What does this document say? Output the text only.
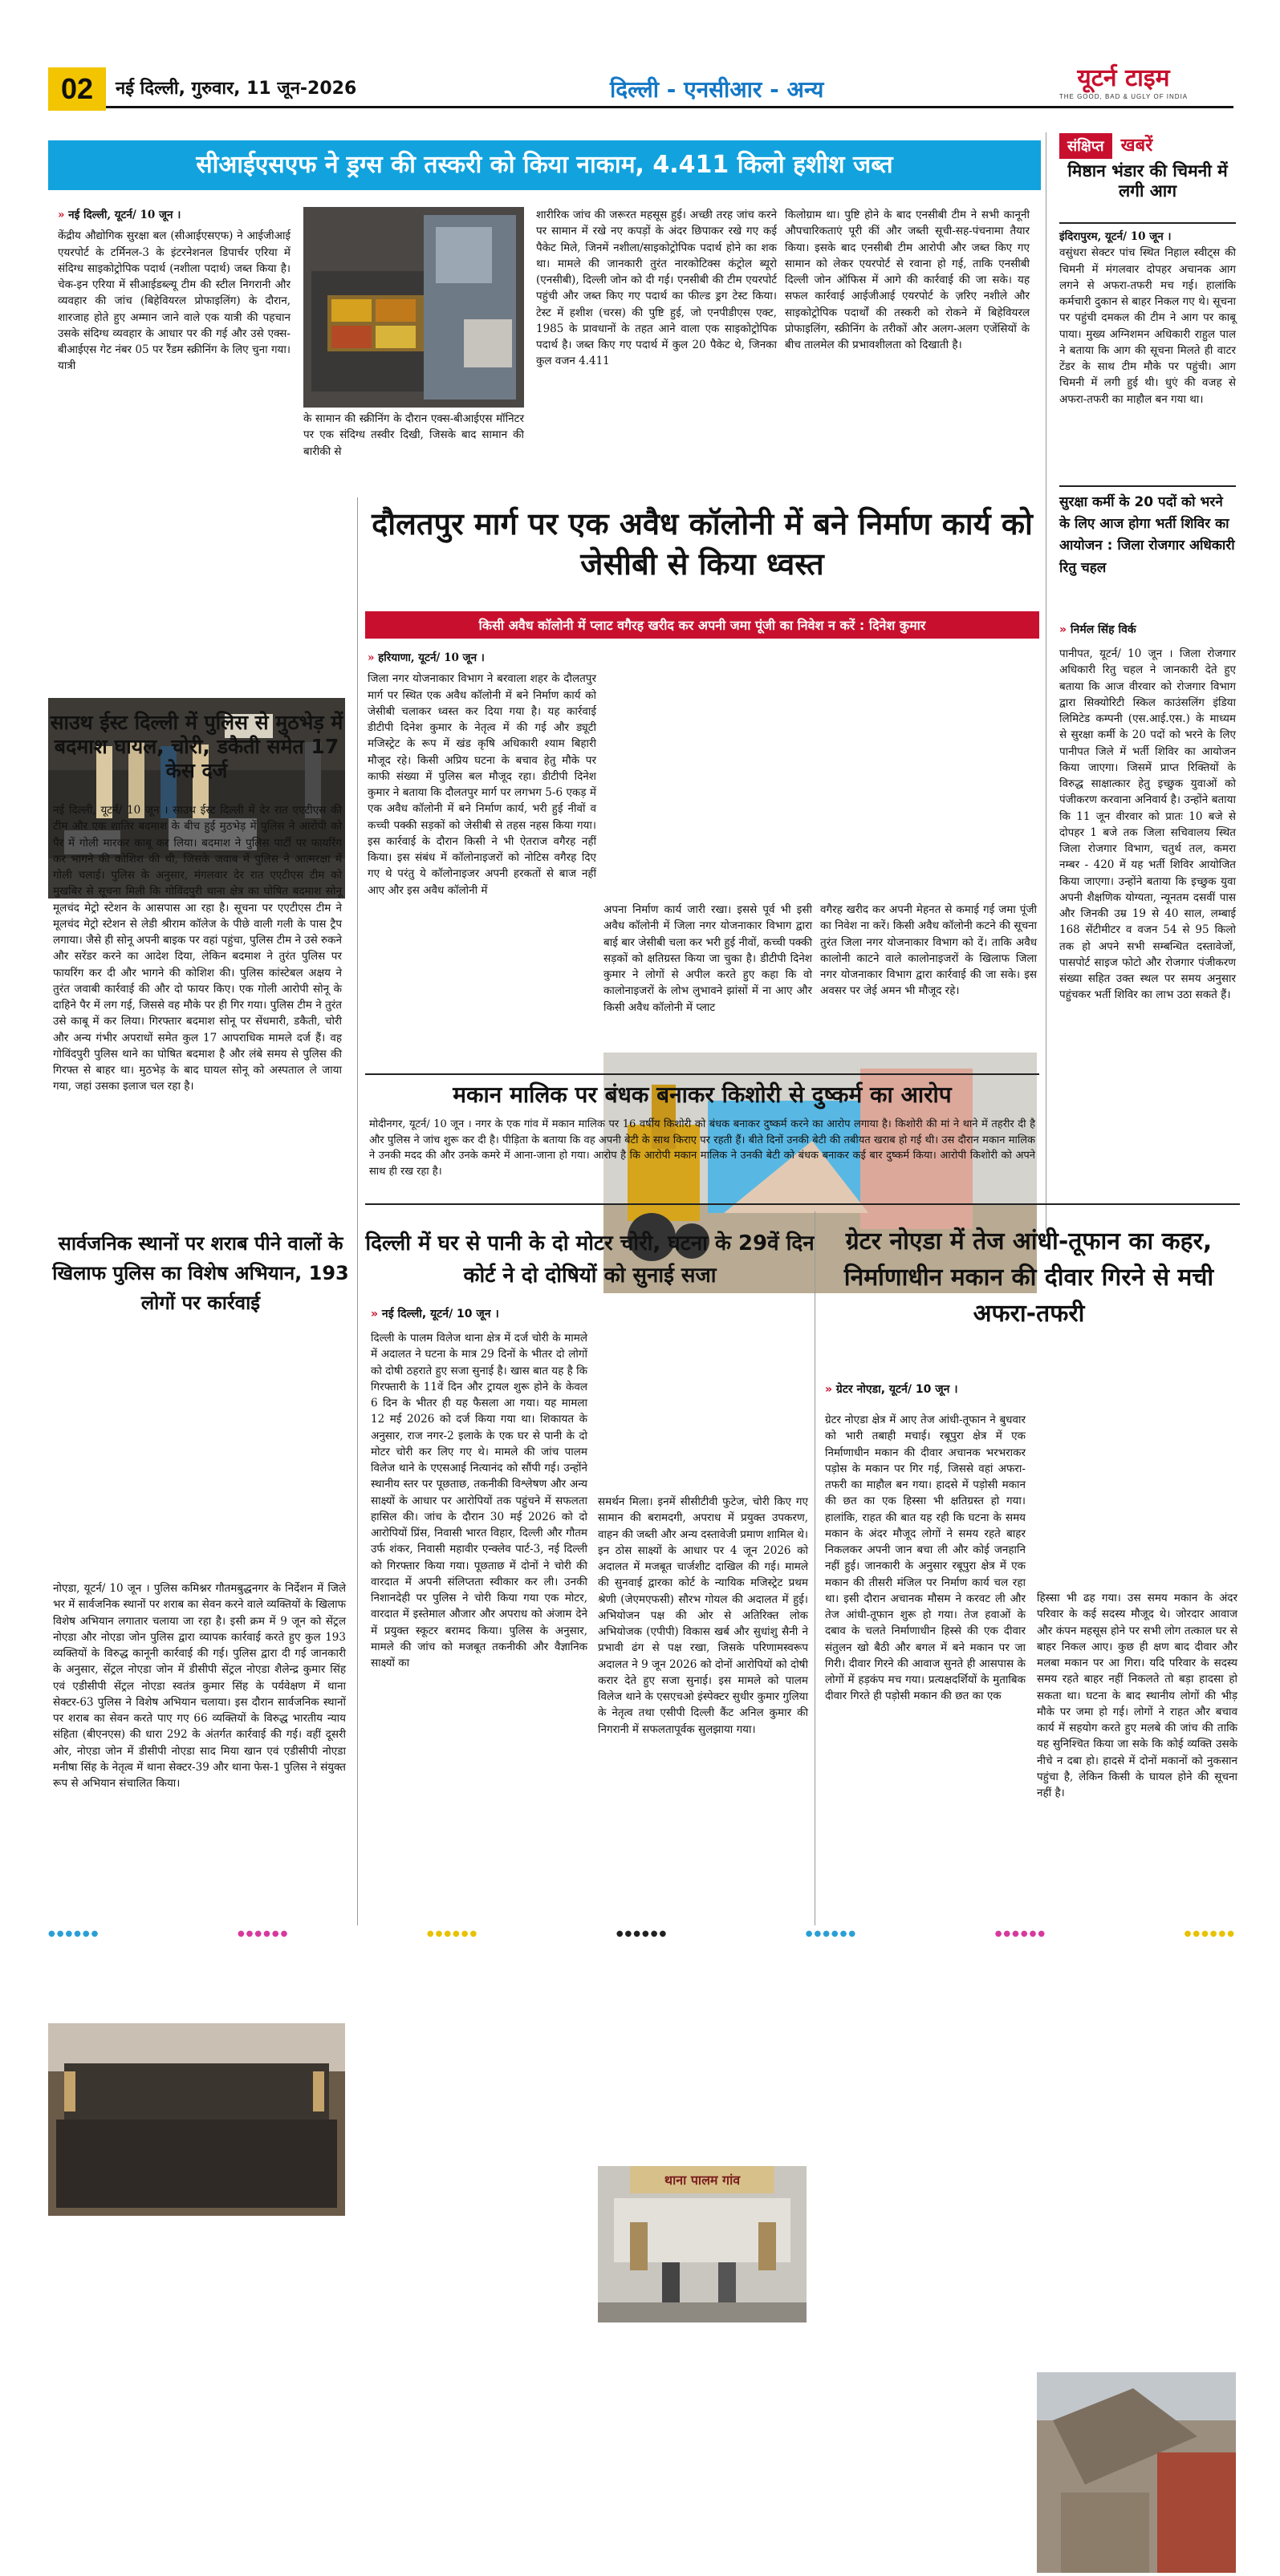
02 नई दिल्ली, गुरुवार, 11 जून-2026	दिल्ली - एनसीआर - अन्य	यूटर्न टाइम
THE GOOD, BAD & UGLY OF INDIA
सीआईएसएफ ने ड्रग्स की तस्करी को किया नाकाम, 4.411 किलो हशीश जब्त
» नई दिल्ली, यूटर्न/ 10 जून ।
केंद्रीय औद्योगिक सुरक्षा बल (सीआईएसएफ) ने आईजीआई एयरपोर्ट के टर्मिनल-3 के इंटरनेशनल डिपार्चर एरिया में संदिग्ध साइकोट्रोपिक पदार्थ (नशीला पदार्थ) जब्त किया है। चेक-इन एरिया में सीआईडब्ल्यू टीम की स्टील निगरानी और व्यवहार की जांच (बिहेवियरल प्रोफाइलिंग) के दौरान, शारजाह होते हुए अम्मान जाने वाले एक यात्री की पहचान उसके संदिग्ध व्यवहार के आधार पर की गई और उसे एक्स-बीआईएस गेट नंबर 05 पर रैंडम स्क्रीनिंग के लिए चुना गया। यात्री
के सामान की स्क्रीनिंग के दौरान एक्स-बीआईएस मॉनिटर पर एक संदिग्ध तस्वीर दिखी, जिसके बाद सामान की बारीकी से
शारीरिक जांच की जरूरत महसूस हुई। अच्छी तरह जांच करने पर सामान में रखे नए कपड़ों के अंदर छिपाकर रखे गए कई पैकेट मिले, जिनमें नशीला/साइकोट्रोपिक पदार्थ होने का शक था। मामले की जानकारी तुरंत नारकोटिक्स कंट्रोल ब्यूरो (एनसीबी), दिल्ली जोन को दी गई। एनसीबी की टीम एयरपोर्ट पहुंची और जब्त किए गए पदार्थ का फील्ड ड्रग टेस्ट किया। टेस्ट में हशीश (चरस) की पुष्टि हुई, जो एनपीडीएस एक्ट, 1985 के प्रावधानों के तहत आने वाला एक साइकोट्रोपिक पदार्थ है। जब्त किए गए पदार्थ में कुल 20 पैकेट थे, जिनका कुल वजन 4.411
किलोग्राम था। पुष्टि होने के बाद एनसीबी टीम ने सभी कानूनी औपचारिकताएं पूरी कीं और जब्ती सूची-सह-पंचनामा तैयार किया। इसके बाद एनसीबी टीम आरोपी और जब्त किए गए सामान को लेकर एयरपोर्ट से रवाना हो गई, ताकि एनसीबी दिल्ली जोन ऑफिस में आगे की कार्रवाई की जा सके। यह सफल कार्रवाई आईजीआई एयरपोर्ट के ज़रिए नशीले और साइकोट्रोपिक पदार्थों की तस्करी को रोकने में बिहेवियरल प्रोफाइलिंग, स्क्रीनिंग के तरीकों और अलग-अलग एजेंसियों के बीच तालमेल की प्रभावशीलता को दिखाती है।
संक्षिप्त खबरें
मिष्ठान भंडार की चिमनी में लगी आग
इंदिरापुरम, यूटर्न/ 10 जून ।
वसुंधरा सेक्टर पांच स्थित निहाल स्वीट्स की चिमनी में मंगलवार दोपहर अचानक आग लगने से अफरा-तफरी मच गई। हालांकि कर्मचारी दुकान से बाहर निकल गए थे। सूचना पर पहुंची दमकल की टीम ने आग पर काबू पाया। मुख्य अग्निशमन अधिकारी राहुल पाल ने बताया कि आग की सूचना मिलते ही वाटर टेंडर के साथ टीम मौके पर पहुंची। आग चिमनी में लगी हुई थी। धुएं की वजह से अफरा-तफरी का माहौल बन गया था।
सुरक्षा कर्मी के 20 पदों को भरने के लिए आज होगा भर्ती शिविर का आयोजन : जिला रोजगार अधिकारी रितु चहल
» निर्मल सिंह विर्क
पानीपत, यूटर्न/ 10 जून । जिला रोजगार अधिकारी रितु चहल ने जानकारी देते हुए बताया कि आज वीरवार को रोजगार विभाग द्वारा सिक्योरिटी स्किल काउंसलिंग इंडिया लिमिटेड कम्पनी (एस.आई.एस.) के माध्यम से सुरक्षा कर्मी के 20 पदों को भरने के लिए पानीपत जिले में भर्ती शिविर का आयोजन किया जाएगा। जिसमें प्राप्त रिक्तियों के विरुद्ध साक्षात्कार हेतु इच्छुक युवाओं को पंजीकरण करवाना अनिवार्य है। उन्होंने बताया कि 11 जून वीरवार को प्रातः 10 बजे से दोपहर 1 बजे तक जिला सचिवालय स्थित जिला रोजगार विभाग, चतुर्थ तल, कमरा नम्बर - 420 में यह भर्ती शिविर आयोजित किया जाएगा। उन्होंने बताया कि इच्छुक युवा अपनी शैक्षणिक योग्यता, न्यूनतम दसवीं पास और जिनकी उम्र 19 से 40 साल, लम्बाई 168 सेंटीमीटर व वजन 54 से 95 किलो तक हो अपने सभी सम्बन्धित दस्तावेजों, पासपोर्ट साइज फोटो और रोजगार पंजीकरण संख्या सहित उक्त स्थल पर समय अनुसार पहुंचकर भर्ती शिविर का लाभ उठा सकते हैं।
साउथ ईस्ट दिल्ली में पुलिस से मुठभेड़ में बदमाश घायल, चोरी, डकैती समेत 17 केस दर्ज
नई दिल्ली, यूटर्न/ 10 जून । साउथ ईस्ट दिल्ली में देर रात एएटीएस की टीम और एक शातिर बदमाश के बीच हुई मुठभेड़ में पुलिस ने आरोपी को पैर में गोली मारकर काबू कर लिया। बदमाश ने पुलिस पार्टी पर फायरिंग कर भागने की कोशिश की थी, जिसके जवाब में पुलिस ने आत्मरक्षा में गोली चलाई। पुलिस के अनुसार, मंगलवार देर रात एएटीएस टीम को मुखबिर से सूचना मिली कि गोविंदपुरी थाना क्षेत्र का घोषित बदमाश सोनू मूलचंद मेट्रो स्टेशन के आसपास आ रहा है। सूचना पर एएटीएस टीम ने मूलचंद मेट्रो स्टेशन से लेडी श्रीराम कॉलेज के पीछे वाली गली के पास ट्रैप लगाया। जैसे ही सोनू अपनी बाइक पर वहां पहुंचा, पुलिस टीम ने उसे रुकने और सरेंडर करने का आदेश दिया, लेकिन बदमाश ने तुरंत पुलिस पर फायरिंग कर दी और भागने की कोशिश की। पुलिस कांस्टेबल अक्षय ने तुरंत जवाबी कार्रवाई की और दो फायर किए। एक गोली आरोपी सोनू के दाहिने पैर में लग गई, जिससे वह मौके पर ही गिर गया। पुलिस टीम ने तुरंत उसे काबू में कर लिया। गिरफ्तार बदमाश सोनू पर सेंधमारी, डकैती, चोरी और अन्य गंभीर अपराधों समेत कुल 17 आपराधिक मामले दर्ज हैं। वह गोविंदपुरी पुलिस थाने का घोषित बदमाश है और लंबे समय से पुलिस की गिरफ्त से बाहर था। मुठभेड़ के बाद घायल सोनू को अस्पताल ले जाया गया, जहां उसका इलाज चल रहा है।
दौलतपुर मार्ग पर एक अवैध कॉलोनी में बने निर्माण कार्य को जेसीबी से किया ध्वस्त
किसी अवैध कॉलोनी में प्लाट वगैरह खरीद कर अपनी जमा पूंजी का निवेश न करें : दिनेश कुमार
» हरियाणा, यूटर्न/ 10 जून ।
जिला नगर योजनाकार विभाग ने बरवाला शहर के दौलतपुर मार्ग पर स्थित एक अवैध कॉलोनी में बने निर्माण कार्य को जेसीबी चलाकर ध्वस्त कर दिया गया है। यह कार्रवाई डीटीपी दिनेश कुमार के नेतृत्व में की गई और ड्यूटी मजिस्ट्रेट के रूप में खंड कृषि अधिकारी श्याम बिहारी मौजूद रहे। किसी अप्रिय घटना के बचाव हेतु मौके पर काफी संख्या में पुलिस बल मौजूद रहा। डीटीपी दिनेश कुमार ने बताया कि दौलतपुर मार्ग पर लगभग 5-6 एकड़ में एक अवैध कॉलोनी में बने निर्माण कार्य, भरी हुई नीवों व कच्ची पक्की सड़कों को जेसीबी से तहस नहस किया गया। इस कार्रवाई के दौरान किसी ने भी ऐतराज वगैरह नहीं किया। इस संबंध में कॉलोनाइजरों को नोटिस वगैरह दिए गए थे परंतु ये कॉलोनाइजर अपनी हरकतों से बाज नहीं आए और इस अवैध कॉलोनी में
अपना निर्माण कार्य जारी रखा। इससे पूर्व भी इसी अवैध कॉलोनी में जिला नगर योजनाकार विभाग द्वारा बाई बार जेसीबी चला कर भरी हुई नीवों, कच्ची पक्की सड़कों को क्षतिग्रस्त किया जा चुका है। डीटीपी दिनेश कुमार ने लोगों से अपील करते हुए कहा कि वो कालोनाइजरों के लोभ लुभावने झांसों में ना आए और किसी अवैध कॉलोनी में प्लाट
वगैरह खरीद कर अपनी मेहनत से कमाई गई जमा पूंजी का निवेश ना करें। किसी अवैध कॉलोनी कटने की सूचना तुरंत जिला नगर योजनाकार विभाग को दें। ताकि अवैध कालोनी काटने वाले कालोनाइजरों के खिलाफ जिला नगर योजनाकार विभाग द्वारा कार्रवाई की जा सके। इस अवसर पर जेई अमन भी मौजूद रहे।
मकान मालिक पर बंधक बनाकर किशोरी से दुष्कर्म का आरोप
मोदीनगर, यूटर्न/ 10 जून । नगर के एक गांव में मकान मालिक पर 16 वर्षीय किशोरी को बंधक बनाकर दुष्कर्म करने का आरोप लगाया है। किशोरी की मां ने थाने में तहरीर दी है और पुलिस ने जांच शुरू कर दी है। पीड़िता के बताया कि वह अपनी बेटी के साथ किराए पर रहती हैं। बीते दिनों उनकी बेटी की तबीयत खराब हो गई थी। उस दौरान मकान मालिक ने उनकी मदद की और उनके कमरे में आना-जाना हो गया। आरोप है कि आरोपी मकान मालिक ने उनकी बेटी को बंधक बनाकर कई बार दुष्कर्म किया। आरोपी किशोरी को अपने साथ ही रख रहा है।
सार्वजनिक स्थानों पर शराब पीने वालों के खिलाफ पुलिस का विशेष अभियान, 193 लोगों पर कार्रवाई
नोएडा, यूटर्न/ 10 जून । पुलिस कमिश्नर गौतमबुद्धनगर के निर्देशन में जिले भर में सार्वजनिक स्थानों पर शराब का सेवन करने वाले व्यक्तियों के खिलाफ विशेष अभियान लगातार चलाया जा रहा है। इसी क्रम में 9 जून को सेंट्रल नोएडा और नोएडा जोन पुलिस द्वारा व्यापक कार्रवाई करते हुए कुल 193 व्यक्तियों के विरुद्ध कानूनी कार्रवाई की गई। पुलिस द्वारा दी गई जानकारी के अनुसार, सेंट्रल नोएडा जोन में डीसीपी सेंट्रल नोएडा शैलेन्द्र कुमार सिंह एवं एडीसीपी सेंट्रल नोएडा स्वतंत्र कुमार सिंह के पर्यवेक्षण में थाना सेक्टर-63 पुलिस ने विशेष अभियान चलाया। इस दौरान सार्वजनिक स्थानों पर शराब का सेवन करते पाए गए 66 व्यक्तियों के विरुद्ध भारतीय न्याय संहिता (बीएनएस) की धारा 292 के अंतर्गत कार्रवाई की गई। वहीं दूसरी ओर, नोएडा जोन में डीसीपी नोएडा साद मिया खान एवं एडीसीपी नोएडा मनीषा सिंह के नेतृत्व में थाना सेक्टर-39 और थाना फेस-1 पुलिस ने संयुक्त रूप से अभियान संचालित किया।
दिल्ली में घर से पानी के दो मोटर चोरी, घटना के 29वें दिन कोर्ट ने दो दोषियों को सुनाई सजा
» नई दिल्ली, यूटर्न/ 10 जून ।
दिल्ली के पालम विलेज थाना क्षेत्र में दर्ज चोरी के मामले में अदालत ने घटना के मात्र 29 दिनों के भीतर दो लोगों को दोषी ठहराते हुए सजा सुनाई है। खास बात यह है कि गिरफ्तारी के 11वें दिन और ट्रायल शुरू होने के केवल 6 दिन के भीतर ही यह फैसला आ गया। यह मामला 12 मई 2026 को दर्ज किया गया था। शिकायत के अनुसार, राज नगर-2 इलाके के एक घर से पानी के दो मोटर चोरी कर लिए गए थे। मामले की जांच पालम विलेज थाने के एएसआई नित्यानंद को सौंपी गई। उन्होंने स्थानीय स्तर पर पूछताछ, तकनीकी विश्लेषण और अन्य साक्ष्यों के आधार पर आरोपियों तक पहुंचने में सफलता हासिल की। जांच के दौरान 30 मई 2026 को दो आरोपियों प्रिंस, निवासी भारत विहार, दिल्ली और गौतम उर्फ शंकर, निवासी महावीर एन्क्लेव पार्ट-3, नई दिल्ली को गिरफ्तार किया गया। पूछताछ में दोनों ने चोरी की वारदात में अपनी संलिप्तता स्वीकार कर ली। उनकी निशानदेही पर पुलिस ने चोरी किया गया एक मोटर, वारदात में इस्तेमाल औजार और अपराध को अंजाम देने में प्रयुक्त स्कूटर बरामद किया। पुलिस के अनुसार, मामले की जांच को मजबूत तकनीकी और वैज्ञानिक साक्ष्यों का
थाना पालम गांव
समर्थन मिला। इनमें सीसीटीवी फुटेज, चोरी किए गए सामान की बरामदगी, अपराध में प्रयुक्त उपकरण, वाहन की जब्ती और अन्य दस्तावेजी प्रमाण शामिल थे। इन ठोस साक्ष्यों के आधार पर 4 जून 2026 को अदालत में मजबूत चार्जशीट दाखिल की गई। मामले की सुनवाई द्वारका कोर्ट के न्यायिक मजिस्ट्रेट प्रथम श्रेणी (जेएमएफसी) सौरभ गोयल की अदालत में हुई। अभियोजन पक्ष की ओर से अतिरिक्त लोक अभियोजक (एपीपी) विकास खर्ब और सुधांशु सैनी ने प्रभावी ढंग से पक्ष रखा, जिसके परिणामस्वरूप अदालत ने 9 जून 2026 को दोनों आरोपियों को दोषी करार देते हुए सजा सुनाई। इस मामले को पालम विलेज थाने के एसएचओ इंस्पेक्टर सुधीर कुमार गुलिया के नेतृत्व तथा एसीपी दिल्ली कैंट अनिल कुमार की निगरानी में सफलतापूर्वक सुलझाया गया।
ग्रेटर नोएडा में तेज आंधी-तूफान का कहर, निर्माणाधीन मकान की दीवार गिरने से मची अफरा-तफरी
» ग्रेटर नोएडा, यूटर्न/ 10 जून ।
ग्रेटर नोएडा क्षेत्र में आए तेज आंधी-तूफान ने बुधवार को भारी तबाही मचाई। रबूपुरा क्षेत्र में एक निर्माणाधीन मकान की दीवार अचानक भरभराकर पड़ोस के मकान पर गिर गई, जिससे वहां अफरा-तफरी का माहौल बन गया। हादसे में पड़ोसी मकान की छत का एक हिस्सा भी क्षतिग्रस्त हो गया। हालांकि, राहत की बात यह रही कि घटना के समय मकान के अंदर मौजूद लोगों ने समय रहते बाहर निकलकर अपनी जान बचा ली और कोई जनहानि नहीं हुई। जानकारी के अनुसार रबूपुरा क्षेत्र में एक मकान की तीसरी मंजिल पर निर्माण कार्य चल रहा था। इसी दौरान अचानक मौसम ने करवट ली और तेज आंधी-तूफान शुरू हो गया। तेज हवाओं के दबाव के चलते निर्माणाधीन हिस्से की एक दीवार संतुलन खो बैठी और बगल में बने मकान पर जा गिरी। दीवार गिरने की आवाज सुनते ही आसपास के लोगों में हड़कंप मच गया। प्रत्यक्षदर्शियों के मुताबिक दीवार गिरते ही पड़ोसी मकान की छत का एक
हिस्सा भी ढह गया। उस समय मकान के अंदर परिवार के कई सदस्य मौजूद थे। जोरदार आवाज और कंपन महसूस होने पर सभी लोग तत्काल घर से बाहर निकल आए। कुछ ही क्षण बाद दीवार और मलबा मकान पर आ गिरा। यदि परिवार के सदस्य समय रहते बाहर नहीं निकलते तो बड़ा हादसा हो सकता था। घटना के बाद स्थानीय लोगों की भीड़ मौके पर जमा हो गई। लोगों ने राहत और बचाव कार्य में सहयोग करते हुए मलबे की जांच की ताकि यह सुनिश्चित किया जा सके कि कोई व्यक्ति उसके नीचे न दबा हो। हादसे में दोनों मकानों को नुकसान पहुंचा है, लेकिन किसी के घायल होने की सूचना नहीं है।
●●●●●●	●●●●●●	●●●●●●	●●●●●●	●●●●●●	●●●●●●	●●●●●●
